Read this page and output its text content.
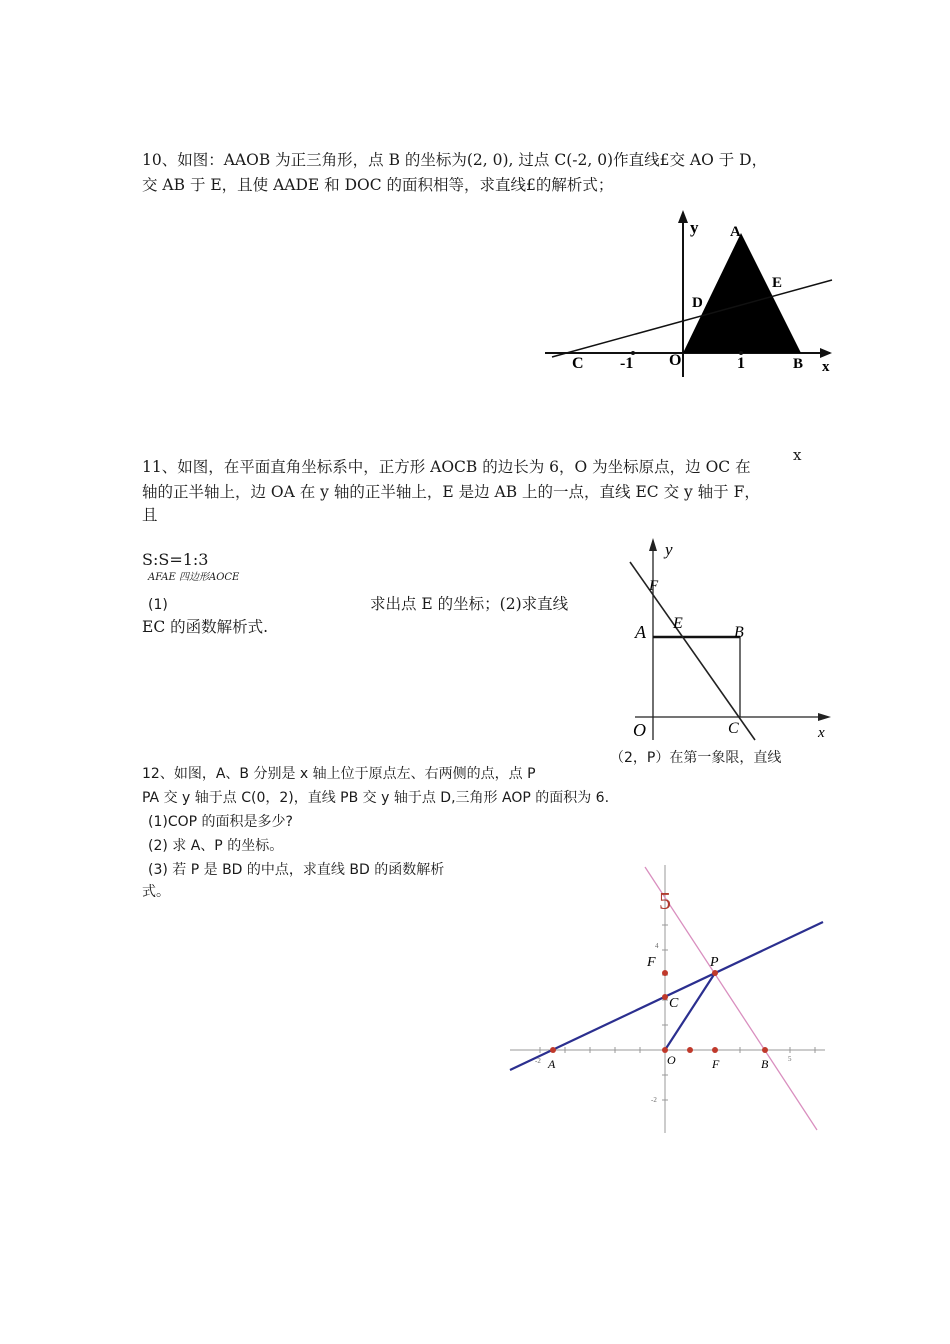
10、如图：AAOB 为正三角形，点 B 的坐标为(2, 0), 过点 C(-2, 0)作直线£交 AO 于 D，
交 AB 于 E，且使 AADE 和 DOC 的面积相等，求直线£的解析式；
y A
E
D
C -1 O	1	B x
x
11、如图，在平面直角坐标系中，正方形 AOCB 的边长为 6，O 为坐标原点，边 OC 在
轴的正半轴上，边 OA 在 y 轴的正半轴上，E 是边 AB 上的一点，直线 EC 交 y 轴于 F，
且
S:S=1:3
AFAE 四边形AOCE
(1)	求出点 E 的坐标；(2)求直线
EC 的函数解析式.
y
F
E
A	B
O	C	x
（2，P）在第一象限，直线
12、如图，A、B 分别是 x 轴上位于原点左、右两侧的点，点 P
PA 交 y 轴于点 C(0，2)，直线 PB 交 y 轴于点 D,三角形 AOP 的面积为 6.
(1)COP 的面积是多少?
(2) 求 A、P 的坐标。
(3) 若 P 是 BD 的中点，求直线 BD 的函数解析
式。	5
4
F	P
C
A	O	F	B
-2	5
-2
